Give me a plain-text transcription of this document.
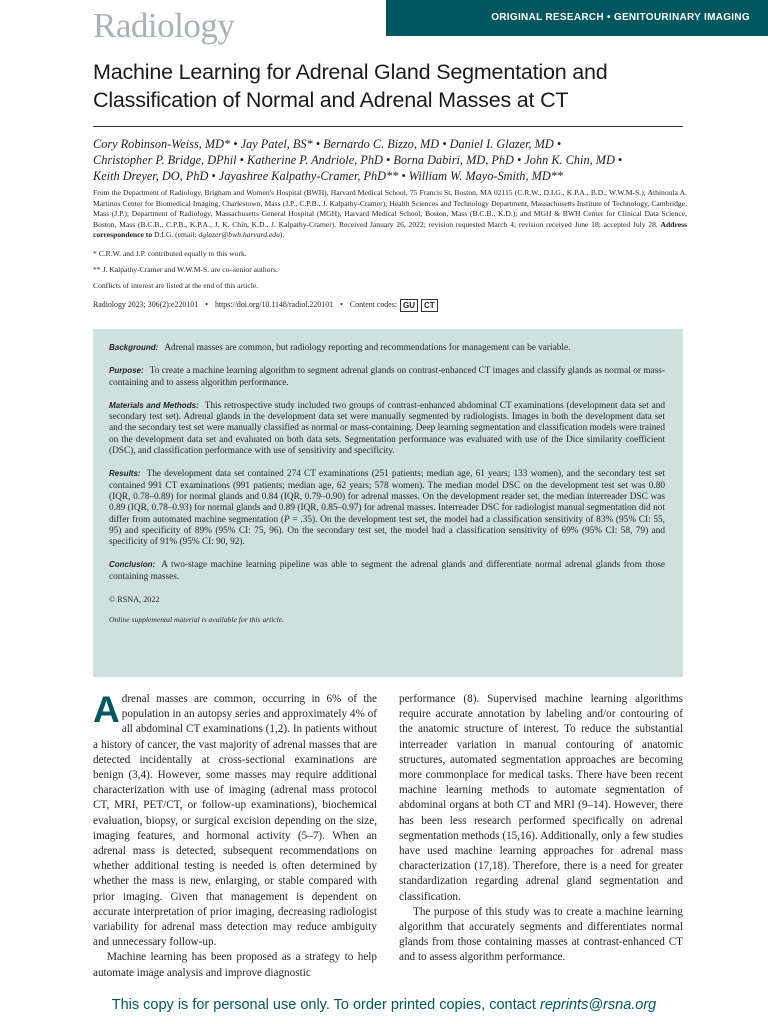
Radiology	ORIGINAL RESEARCH • GENITOURINARY IMAGING
Machine Learning for Adrenal Gland Segmentation and
Classification of Normal and Adrenal Masses at CT
Cory Robinson-Weiss, MD* • Jay Patel, BS* • Bernardo C. Bizzo, MD • Daniel I. Glazer, MD •
Christopher P. Bridge, DPhil • Katherine P. Andriole, PhD • Borna Dabiri, MD, PhD • John K. Chin, MD •
Keith Dreyer, DO, PhD • Jayashree Kalpathy-Cramer, PhD** • William W. Mayo-Smith, MD**
From the Department of Radiology, Brigham and Women's Hospital (BWH), Harvard Medical School, 75 Francis St, Boston, MA 02115 (C.R.W., D.I.G., K.P.A., B.D., W.W.M-S.); Athinoula A. Martinos Center for Biomedical Imaging, Charlestown, Mass (J.P., C.P.B., J. Kalpathy-Cramer); Health Sciences and Technology Department, Massachusetts Institute of Technology, Cambridge, Mass (J.P.); Department of Radiology, Massachusetts General Hospital (MGH), Harvard Medical School, Boston, Mass (B.C.B., K.D.); and MGH & BWH Center for Clinical Data Science, Boston, Mass (B.C.B., C.P.B., K.P.A., J. K. Chin, K.D., J. Kalpathy-Cramer). Received January 26, 2022; revision requested March 4; revision received June 18; accepted July 28. Address correspondence to D.I.G. (email: dglazer@bwh.harvard.edu).
* C.R.W. and J.P. contributed equally to this work.
** J. Kalpathy-Cramer and W.W.M-S. are co–senior authors.
Conflicts of interest are listed at the end of this article.
Radiology 2023; 306(2):e220101 • https://doi.org/10.1148/radiol.220101 • Content codes: GU	CT

Background: Adrenal masses are common, but radiology reporting and recommendations for management can be variable.

Purpose: To create a machine learning algorithm to segment adrenal glands on contrast-enhanced CT images and classify glands as normal or mass-containing and to assess algorithm performance.

Materials and Methods: This retrospective study included two groups of contrast-enhanced abdominal CT examinations (development data set and secondary test set). Adrenal glands in the development data set were manually segmented by radiologists. Images in both the development data set and the secondary test set were manually classified as normal or mass-containing. Deep learning segmentation and classification models were trained on the development data set and evaluated on both data sets. Segmentation performance was evaluated with use of the Dice similarity coefficient (DSC), and classification performance with use of sensitivity and specificity.

Results: The development data set contained 274 CT examinations (251 patients; median age, 61 years; 133 women), and the secondary test set contained 991 CT examinations (991 patients; median age, 62 years; 578 women). The median model DSC on the development test set was 0.80 (IQR, 0.78–0.89) for normal glands and 0.84 (IQR, 0.79–0.90) for adrenal masses. On the development reader set, the median interreader DSC was 0.89 (IQR, 0.78–0.93) for normal glands and 0.89 (IQR, 0.85–0.97) for adrenal masses. Interreader DSC for radiologist manual segmentation did not differ from automated machine segmentation (P = .35). On the development test set, the model had a classification sensitivity of 83% (95% CI: 55, 95) and specificity of 89% (95% CI: 75, 96). On the secondary test set, the model had a classification sensitivity of 69% (95% CI: 58, 79) and specificity of 91% (95% CI: 90, 92).

Conclusion: A two-stage machine learning pipeline was able to segment the adrenal glands and differentiate normal adrenal glands from those containing masses.

© RSNA, 2022

Online supplemental material is available for this article.

Adrenal masses are common, occurring in 6% of the population in an autopsy series and approximately 4% of all abdominal CT examinations (1,2). In patients without a history of cancer, the vast majority of adrenal masses that are detected incidentally at cross-sectional examinations are benign (3,4). However, some masses may require additional characterization with use of imaging (adrenal mass protocol CT, MRI, PET/CT, or follow-up examinations), biochemical evaluation, biopsy, or surgical excision depending on the size, imaging features, and hormonal activity (5–7). When an adrenal mass is detected, subsequent recommendations on whether additional testing is needed is often determined by whether the mass is new, enlarging, or stable compared with prior imaging. Given that management is dependent on accurate interpretation of prior imaging, decreasing radiologist variability for adrenal mass detection may reduce ambiguity and unnecessary follow-up.

Machine learning has been proposed as a strategy to help automate image analysis and improve diagnostic

performance (8). Supervised machine learning algorithms require accurate annotation by labeling and/or contouring of the anatomic structure of interest. To reduce the substantial interreader variation in manual contouring of anatomic structures, automated segmentation approaches are becoming more commonplace for medical tasks. There have been recent machine learning methods to automate segmentation of abdominal organs at both CT and MRI (9–14). However, there has been less research performed specifically on adrenal segmentation methods (15,16). Additionally, only a few studies have used machine learning approaches for adrenal mass characterization (17,18). Therefore, there is a need for greater standardization regarding adrenal gland segmentation and classification.

The purpose of this study was to create a machine learning algorithm that accurately segments and differentiates normal glands from those containing masses at contrast-enhanced CT and to assess algorithm performance.

This copy is for personal use only. To order printed copies, contact reprints@rsna.org
